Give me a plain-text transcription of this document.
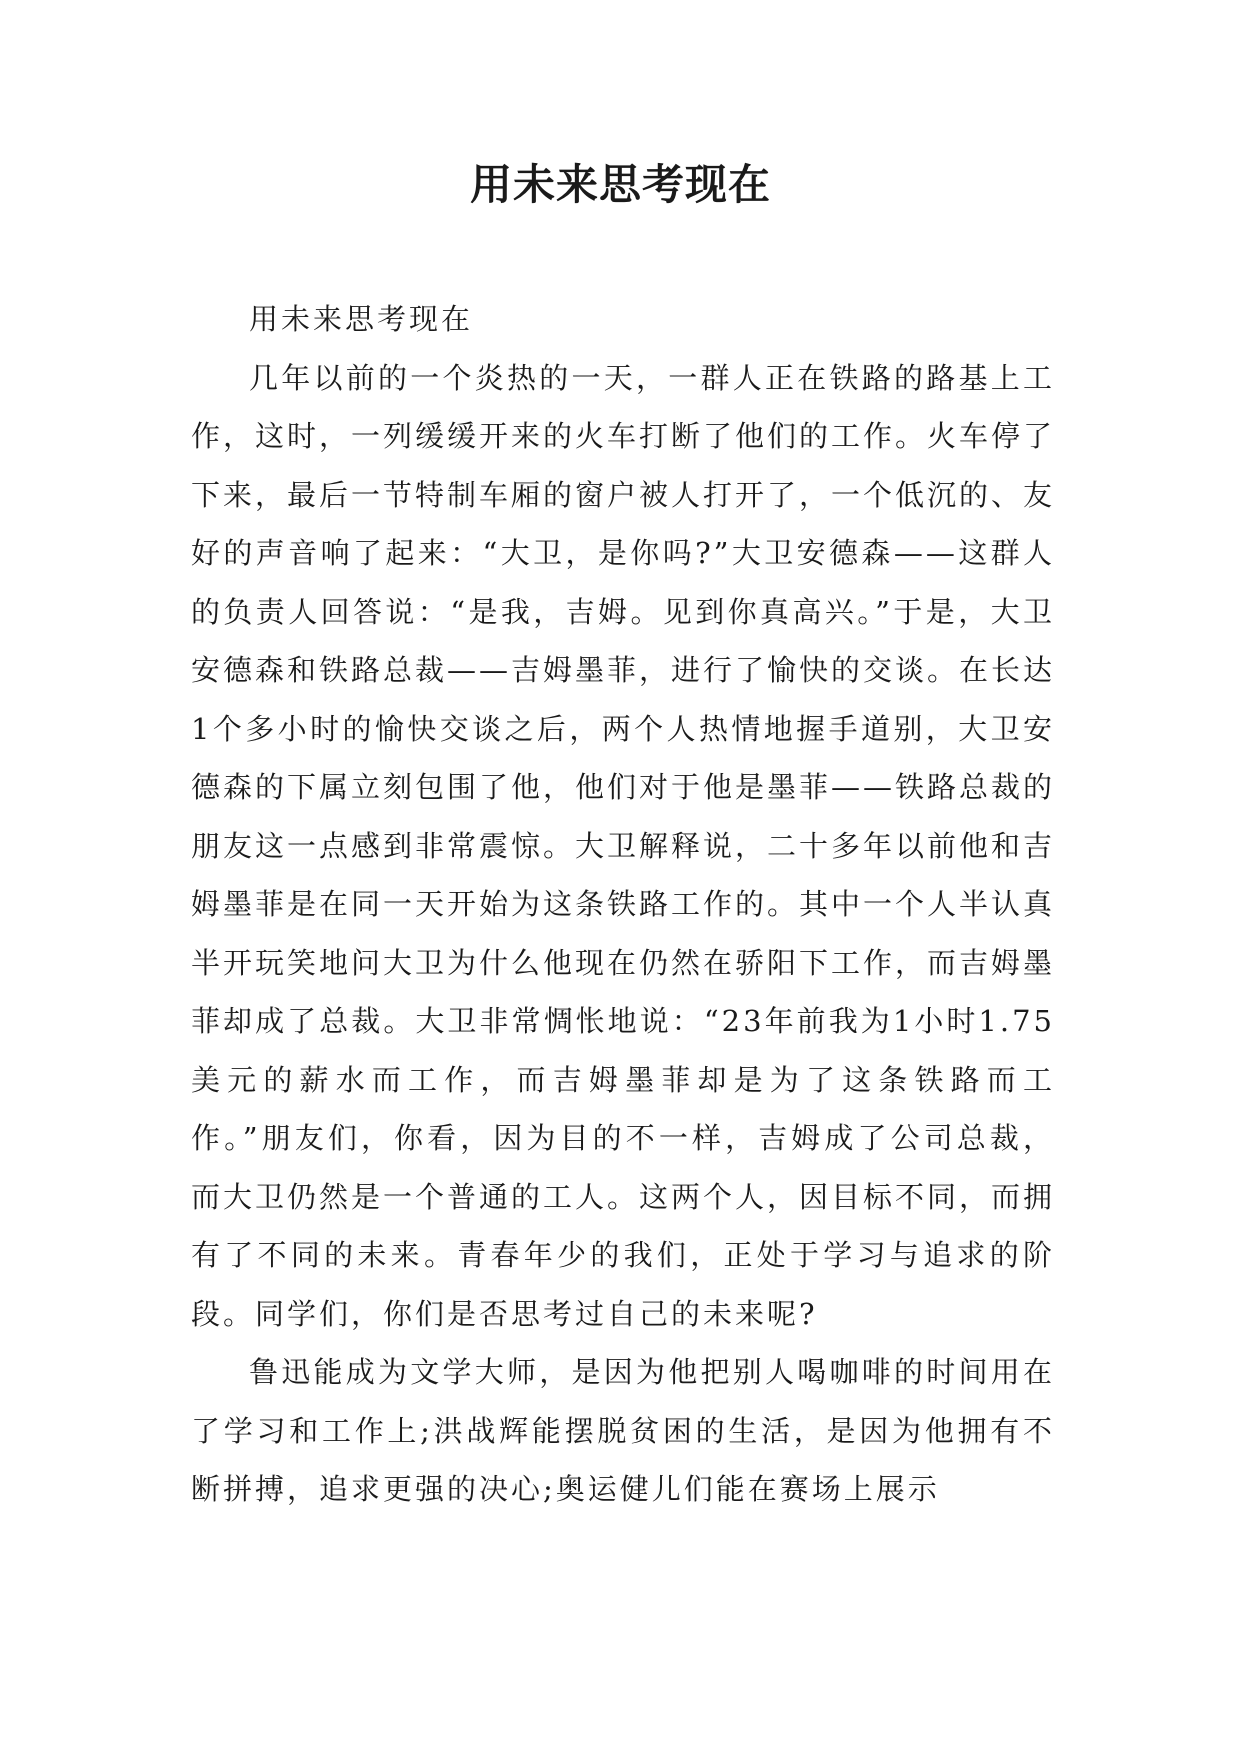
用未来思考现在

用未来思考现在

几年以前的一个炎热的一天，一群人正在铁路的路基上工作，这时，一列缓缓开来的火车打断了他们的工作。火车停了下来，最后一节特制车厢的窗户被人打开了，一个低沉的、友好的声音响了起来：“大卫，是你吗?”大卫安德森——这群人的负责人回答说：“是我，吉姆。见到你真高兴。”于是，大卫安德森和铁路总裁——吉姆墨菲，进行了愉快的交谈。在长达1个多小时的愉快交谈之后，两个人热情地握手道别，大卫安德森的下属立刻包围了他，他们对于他是墨菲——铁路总裁的朋友这一点感到非常震惊。大卫解释说，二十多年以前他和吉姆墨菲是在同一天开始为这条铁路工作的。其中一个人半认真半开玩笑地问大卫为什么他现在仍然在骄阳下工作，而吉姆墨菲却成了总裁。大卫非常惆怅地说：“23年前我为1小时1.75美元的薪水而工作，而吉姆墨菲却是为了这条铁路而工作。”朋友们，你看，因为目的不一样，吉姆成了公司总裁，而大卫仍然是一个普通的工人。这两个人，因目标不同，而拥有了不同的未来。青春年少的我们，正处于学习与追求的阶段。同学们，你们是否思考过自己的未来呢?

鲁迅能成为文学大师，是因为他把别人喝咖啡的时间用在了学习和工作上;洪战辉能摆脱贫困的生活，是因为他拥有不断拼搏，追求更强的决心;奥运健儿们能在赛场上展示
